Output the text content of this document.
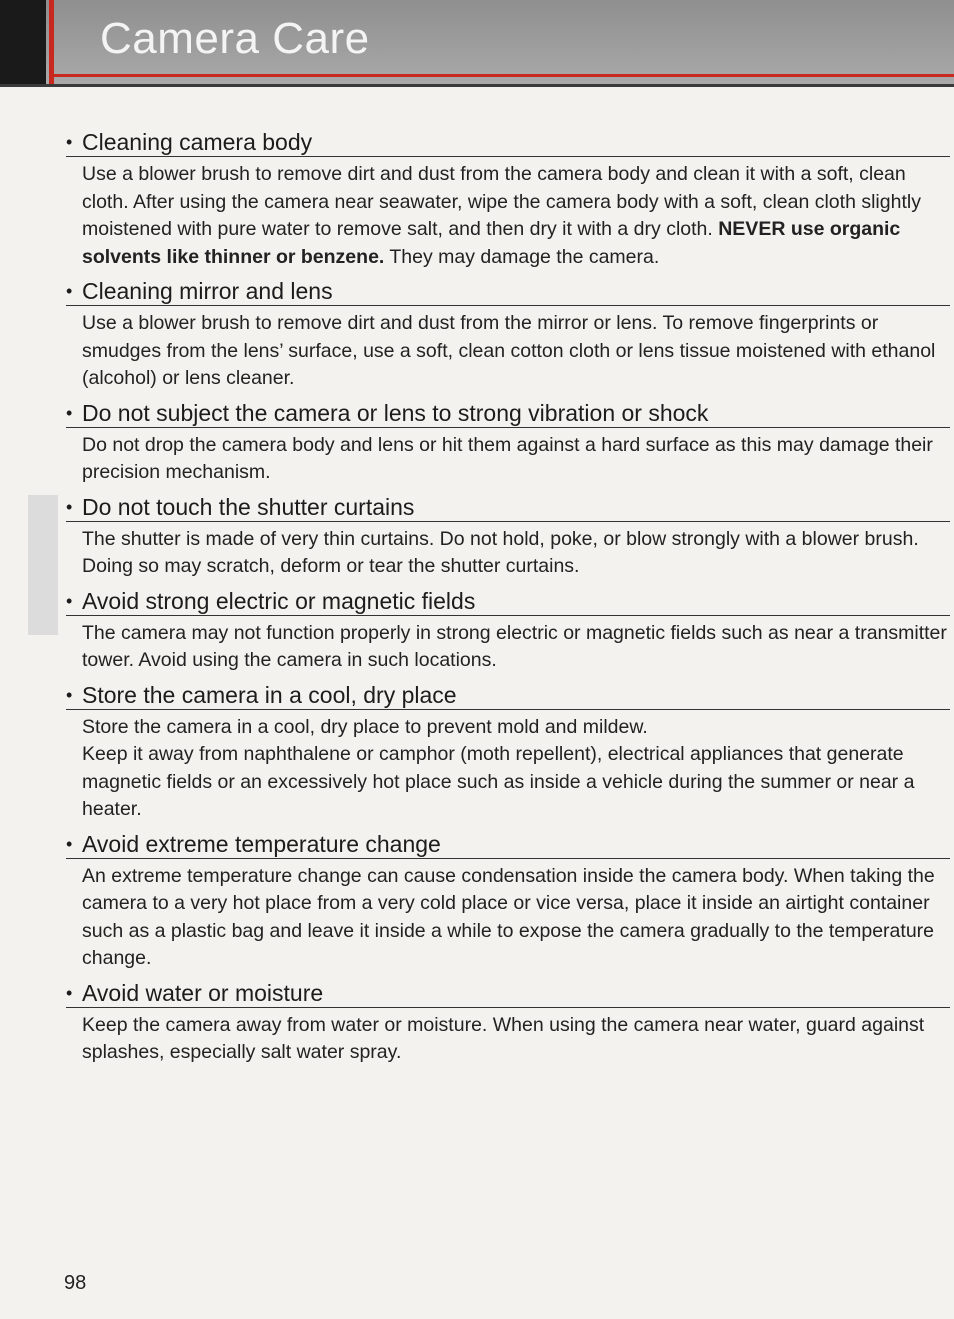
Camera Care
• Cleaning camera body

Use a blower brush to remove dirt and dust from the camera body and clean it with a soft, clean cloth. After using the camera near seawater, wipe the camera body with a soft, clean cloth slightly moistened with pure water to remove salt, and then dry it with a dry cloth. NEVER use organic solvents like thinner or benzene. They may damage the camera.

• Cleaning mirror and lens

Use a blower brush to remove dirt and dust from the mirror or lens. To remove fingerprints or smudges from the lens’ surface, use a soft, clean cotton cloth or lens tissue moistened with ethanol (alcohol) or lens cleaner.

• Do not subject the camera or lens to strong vibration or shock

Do not drop the camera body and lens or hit them against a hard surface as this may damage their precision mechanism.

• Do not touch the shutter curtains

The shutter is made of very thin curtains. Do not hold, poke, or blow strongly with a blower brush. Doing so may scratch, deform or tear the shutter curtains.

• Avoid strong electric or magnetic fields

The camera may not function properly in strong electric or magnetic fields such as near a transmitter tower. Avoid using the camera in such locations.

• Store the camera in a cool, dry place

Store the camera in a cool, dry place to prevent mold and mildew.

Keep it away from naphthalene or camphor (moth repellent), electrical appliances that generate magnetic fields or an excessively hot place such as inside a vehicle during the summer or near a heater.

• Avoid extreme temperature change

An extreme temperature change can cause condensation inside the camera body. When taking the camera to a very hot place from a very cold place or vice versa, place it inside an airtight container such as a plastic bag and leave it inside a while to expose the camera gradually to the temperature change.

• Avoid water or moisture

Keep the camera away from water or moisture. When using the camera near water, guard against splashes, especially salt water spray.

98
